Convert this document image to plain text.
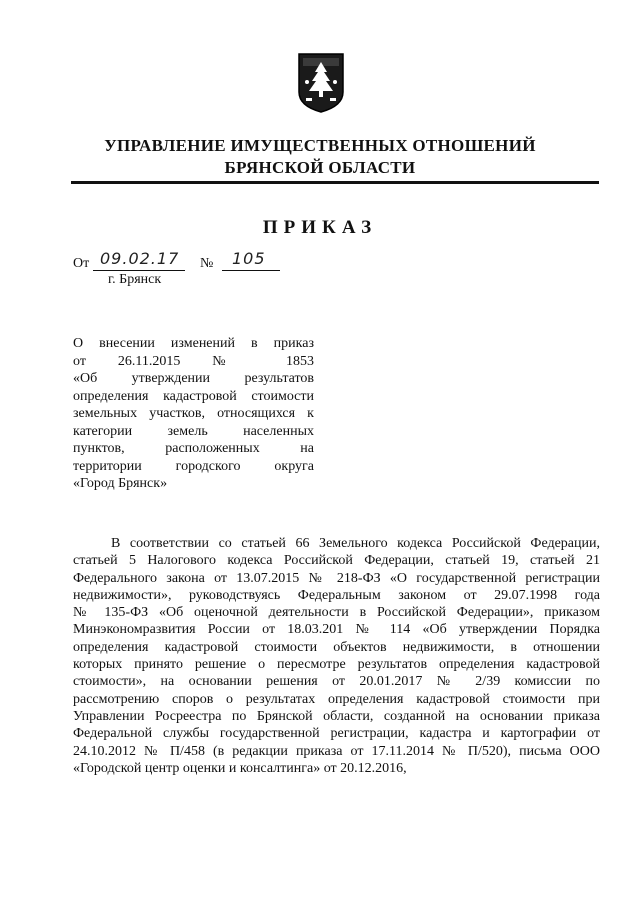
УПРАВЛЕНИЕ ИМУЩЕСТВЕННЫХ ОТНОШЕНИЙ
БРЯНСКОЙ ОБЛАСТИ
ПРИКАЗ
От 09.02.17 № 105
г. Брянск
О внесении изменений в приказ
от 26.11.2015 № 1853
«Об утверждении результатов
определения кадастровой стоимости
земельных участков, относящихся к
категории земель населенных
пунктов, расположенных на
территории городского округа
«Город Брянск»
В соответствии со статьей 66 Земельного кодекса Российской Федерации,
статьей 5 Налогового кодекса Российской Федерации, статьей 19, статьей 21
Федерального закона от 13.07.2015 № 218-ФЗ «О государственной регистрации
недвижимости», руководствуясь Федеральным законом от 29.07.1998 года
№ 135-ФЗ «Об оценочной деятельности в Российской Федерации», приказом
Минэкономразвития России от 18.03.201 № 114 «Об утверждении Порядка
определения кадастровой стоимости объектов недвижимости, в отношении
которых принято решение о пересмотре результатов определения кадастровой
стоимости», на основании решения от 20.01.2017 № 2/39 комиссии по
рассмотрению споров о результатах определения кадастровой стоимости при
Управлении Росреестра по Брянской области, созданной на основании приказа
Федеральной службы государственной регистрации, кадастра и картографии от
24.10.2012 № П/458 (в редакции приказа от 17.11.2014 № П/520), письма ООО
«Городской центр оценки и консалтинга» от 20.12.2016,
